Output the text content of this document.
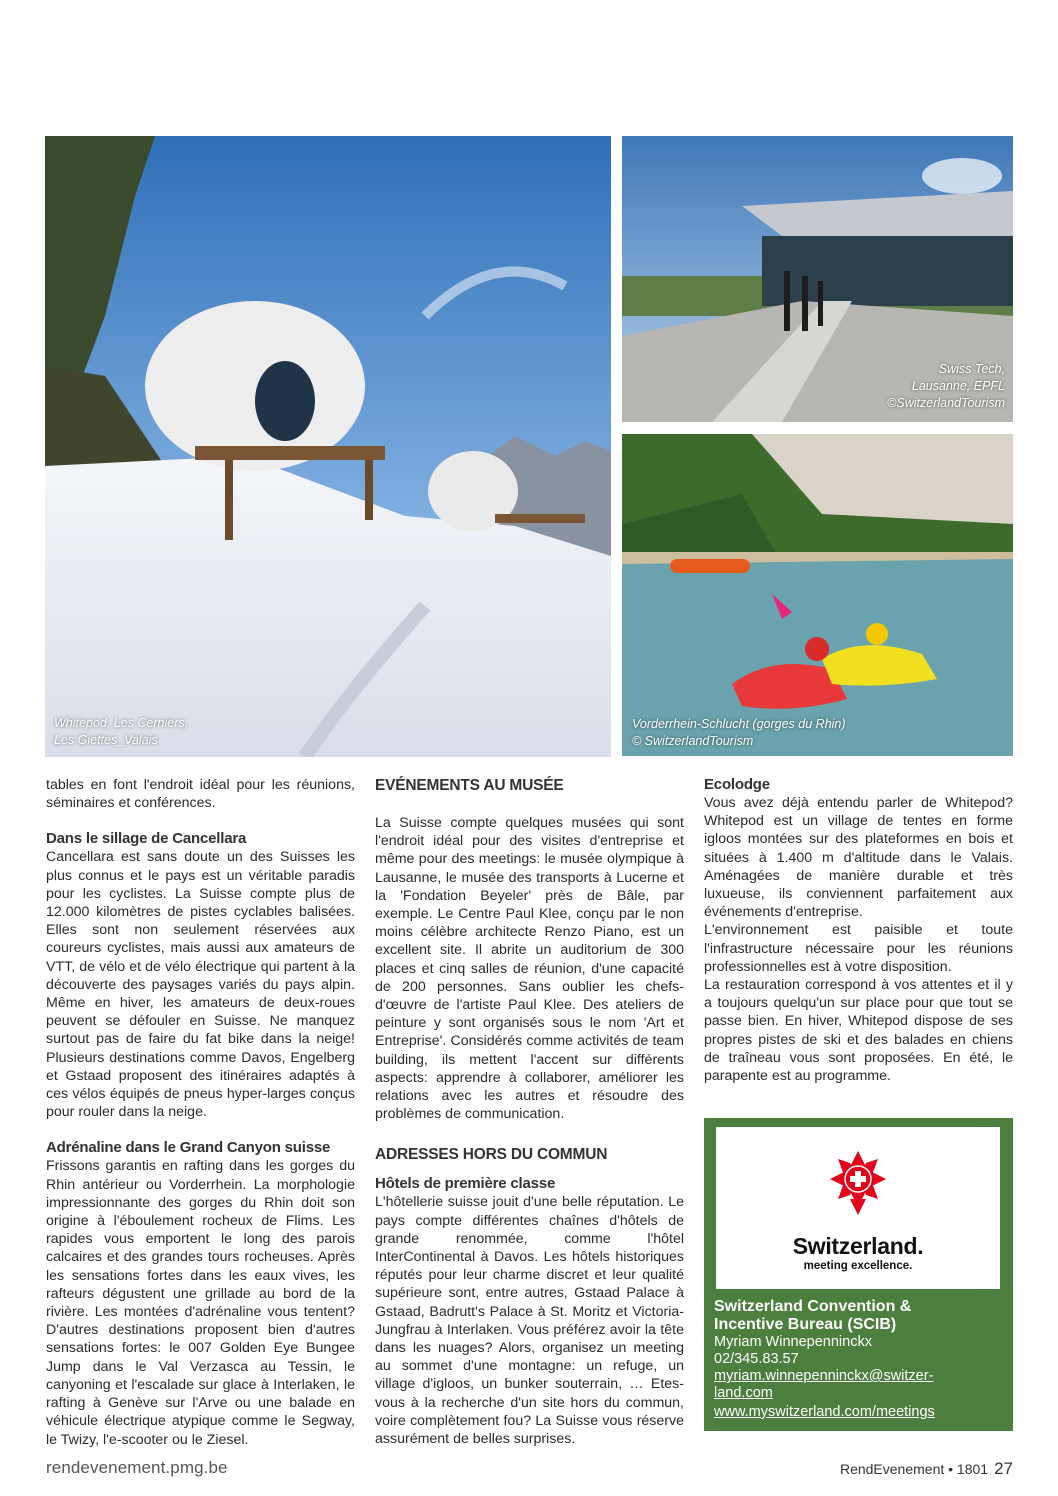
Whitepod, Les Cerniers,
Les Giettes_Valais
Swiss Tech,
Lausanne, EPFL
©SwitzerlandTourism
Vorderrhein-Schlucht (gorges du Rhin)
© SwitzerlandTourism

tables en font l'endroit idéal pour les réunions, séminaires et conférences.

Dans le sillage de Cancellara

Cancellara est sans doute un des Suisses les plus connus et le pays est un véritable paradis pour les cyclistes. La Suisse compte plus de 12.000 kilomètres de pistes cyclables balisées. Elles sont non seulement réservées aux coureurs cyclistes, mais aussi aux amateurs de VTT, de vélo et de vélo électrique qui partent à la découverte des paysages variés du pays alpin. Même en hiver, les amateurs de deux-roues peuvent se défouler en Suisse. Ne manquez surtout pas de faire du fat bike dans la neige! Plusieurs destinations comme Davos, Engelberg et Gstaad proposent des itinéraires adaptés à ces vélos équipés de pneus hyper-larges conçus pour rouler dans la neige.

Adrénaline dans le Grand Canyon suisse

Frissons garantis en rafting dans les gorges du Rhin antérieur ou Vorderrhein. La morphologie impressionnante des gorges du Rhin doit son origine à l'éboulement rocheux de Flims. Les rapides vous emportent le long des parois calcaires et des grandes tours rocheuses. Après les sensations fortes dans les eaux vives, les rafteurs dégustent une grillade au bord de la rivière. Les montées d'adrénaline vous tentent? D'autres destinations proposent bien d'autres sensations fortes: le 007 Golden Eye Bungee Jump dans le Val Verzasca au Tessin, le canyoning et l'escalade sur glace à Interlaken, le rafting à Genève sur l'Arve ou une balade en véhicule électrique atypique comme le Segway, le Twizy, l'e-scooter ou le Ziesel.

EVÉNEMENTS AU MUSÉE

La Suisse compte quelques musées qui sont l'endroit idéal pour des visites d'entreprise et même pour des meetings: le musée olympique à Lausanne, le musée des transports à Lucerne et la 'Fondation Beyeler' près de Bâle, par exemple. Le Centre Paul Klee, conçu par le non moins célèbre architecte Renzo Piano, est un excellent site. Il abrite un auditorium de 300 places et cinq salles de réunion, d'une capacité de 200 personnes. Sans oublier les chefs-d'œuvre de l'artiste Paul Klee. Des ateliers de peinture y sont organisés sous le nom 'Art et Entreprise'. Considérés comme activités de team building, ils mettent l'accent sur différents aspects: apprendre à collaborer, améliorer les relations avec les autres et résoudre des problèmes de communication.

ADRESSES HORS DU COMMUN
Hôtels de première classe

L'hôtellerie suisse jouit d'une belle réputation. Le pays compte différentes chaînes d'hôtels de grande renommée, comme l'hôtel InterContinental à Davos. Les hôtels historiques réputés pour leur charme discret et leur qualité supérieure sont, entre autres, Gstaad Palace à Gstaad, Badrutt's Palace à St. Moritz et Victoria-Jungfrau à Interlaken. Vous préférez avoir la tête dans les nuages? Alors, organisez un meeting au sommet d'une montagne: un refuge, un village d'igloos, un bunker souterrain, … Etes-vous à la recherche d'un site hors du commun, voire complètement fou? La Suisse vous réserve assurément de belles surprises.

Ecolodge

Vous avez déjà entendu parler de Whitepod? Whitepod est un village de tentes en forme igloos montées sur des plateformes en bois et situées à 1.400 m d'altitude dans le Valais. Aménagées de manière durable et très luxueuse, ils conviennent parfaitement aux événements d'entreprise.

L'environnement est paisible et toute l'infrastructure nécessaire pour les réunions professionnelles est à votre disposition.

La restauration correspond à vos attentes et il y a toujours quelqu'un sur place pour que tout se passe bien. En hiver, Whitepod dispose de ses propres pistes de ski et des balades en chiens de traîneau vous sont proposées. En été, le parapente est au programme.

Switzerland.
meeting excellence.
Switzerland Convention &
Incentive Bureau (SCIB)
Myriam Winnepenninckx
02/345.83.57
myriam.winnepenninckx@switzer-
land.com
www.myswitzerland.com/meetings
rendevenement.pmg.be	RendEvenement • 1801 27
